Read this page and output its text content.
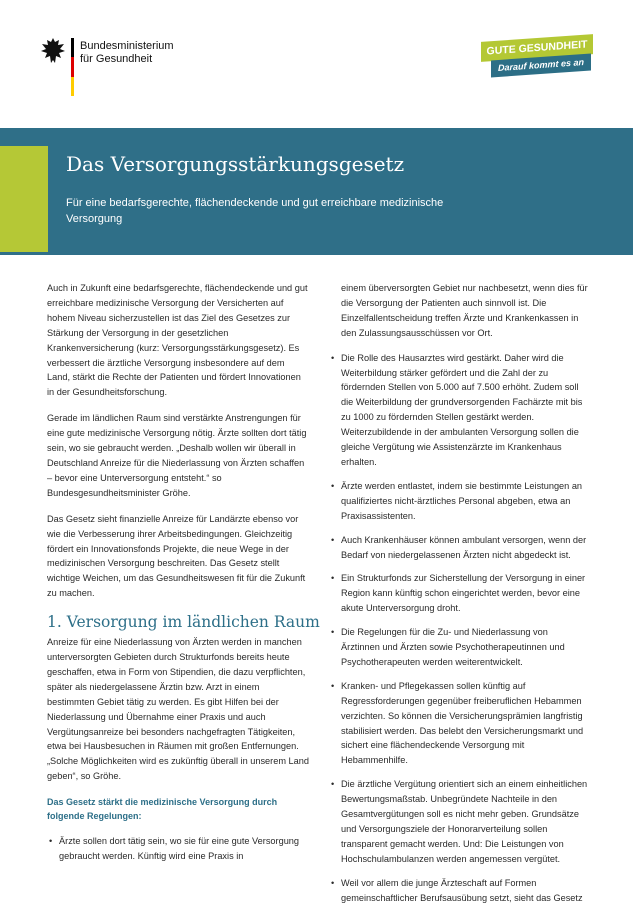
Bundesministerium
für Gesundheit
GUTE GESUNDHEIT
Darauf kommt es an
Das Versorgungsstärkungsgesetz
Für eine bedarfsgerechte, flächendeckende und gut erreichbare medizinische Versorgung

Auch in Zukunft eine bedarfsgerechte, flächendeckende und gut erreichbare medizinische Versorgung der Versicherten auf hohem Niveau sicherzustellen ist das Ziel des Gesetzes zur Stärkung der Versorgung in der gesetzlichen Krankenversicherung (kurz: Versorgungsstärkungsgesetz). Es verbessert die ärztliche Versorgung insbesondere auf dem Land, stärkt die Rechte der Patienten und fördert Innovationen in der Gesundheitsforschung.

Gerade im ländlichen Raum sind verstärkte Anstrengungen für eine gute medizinische Versorgung nötig. Ärzte sollten dort tätig sein, wo sie gebraucht werden. „Deshalb wollen wir überall in Deutschland Anreize für die Niederlassung von Ärzten schaffen – bevor eine Unterversorgung entsteht.“ so Bundesgesundheitsminister Gröhe.

Das Gesetz sieht finanzielle Anreize für Landärzte ebenso vor wie die Verbesserung ihrer Arbeitsbedingungen. Gleichzeitig fördert ein Innovationsfonds Projekte, die neue Wege in der medizinischen Versorgung beschreiten. Das Gesetz stellt wichtige Weichen, um das Gesundheitswesen fit für die Zukunft zu machen.

1. Versorgung im ländlichen Raum

Anreize für eine Niederlassung von Ärzten werden in manchen unterversorgten Gebieten durch Strukturfonds bereits heute geschaffen, etwa in Form von Stipendien, die dazu verpflichten, später als niedergelassene Ärztin bzw. Arzt in einem bestimmten Gebiet tätig zu werden. Es gibt Hilfen bei der Niederlassung und Übernahme einer Praxis und auch Vergütungsanreize bei besonders nachgefragten Tätigkeiten, etwa bei Hausbesuchen in Räumen mit großen Entfernungen. „Solche Möglichkeiten wird es zukünftig überall in unserem Land geben“, so Gröhe.

Das Gesetz stärkt die medizinische Versorgung durch folgende Regelungen:

• Ärzte sollen dort tätig sein, wo sie für eine gute Versorgung gebraucht werden. Künftig wird eine Praxis in
einem überversorgten Gebiet nur nachbesetzt, wenn dies für die Versorgung der Patienten auch sinnvoll ist. Die Einzelfallentscheidung treffen Ärzte und Krankenkassen in den Zulassungsausschüssen vor Ort.
• Die Rolle des Hausarztes wird gestärkt. Daher wird die Weiterbildung stärker gefördert und die Zahl der zu fördernden Stellen von 5.000 auf 7.500 erhöht. Zudem soll die Weiterbildung der grundversorgenden Fachärzte mit bis zu 1000 zu fördernden Stellen gestärkt werden. Weiterzubildende in der ambulanten Versorgung sollen die gleiche Vergütung wie Assistenzärzte im Krankenhaus erhalten.
• Ärzte werden entlastet, indem sie bestimmte Leistungen an qualifiziertes nicht-ärztliches Personal abgeben, etwa an Praxisassistenten.
• Auch Krankenhäuser können ambulant versorgen, wenn der Bedarf von niedergelassenen Ärzten nicht abgedeckt ist.
• Ein Strukturfonds zur Sicherstellung der Versorgung in einer Region kann künftig schon eingerichtet werden, bevor eine akute Unterversorgung droht.
• Die Regelungen für die Zu- und Niederlassung von Ärztinnen und Ärzten sowie Psychotherapeutinnen und Psychotherapeuten werden weiterentwickelt.
• Kranken- und Pflegekassen sollen künftig auf Regressforderungen gegenüber freiberuflichen Hebammen verzichten. So können die Versicherungsprämien langfristig stabilisiert werden. Das belebt den Versicherungsmarkt und sichert eine flächendeckende Versorgung mit Hebammenhilfe.
• Die ärztliche Vergütung orientiert sich an einem einheitlichen Bewertungsmaßstab. Unbegründete Nachteile in den Gesamtvergütungen soll es nicht mehr geben. Grundsätze und Versorgungsziele der Honorarverteilung sollen transparent gemacht werden. Und: Die Leistungen von Hochschulambulanzen werden angemessen vergütet.
• Weil vor allem die junge Ärzteschaft auf Formen gemeinschaftlicher Berufsausübung setzt, sieht das Gesetz
